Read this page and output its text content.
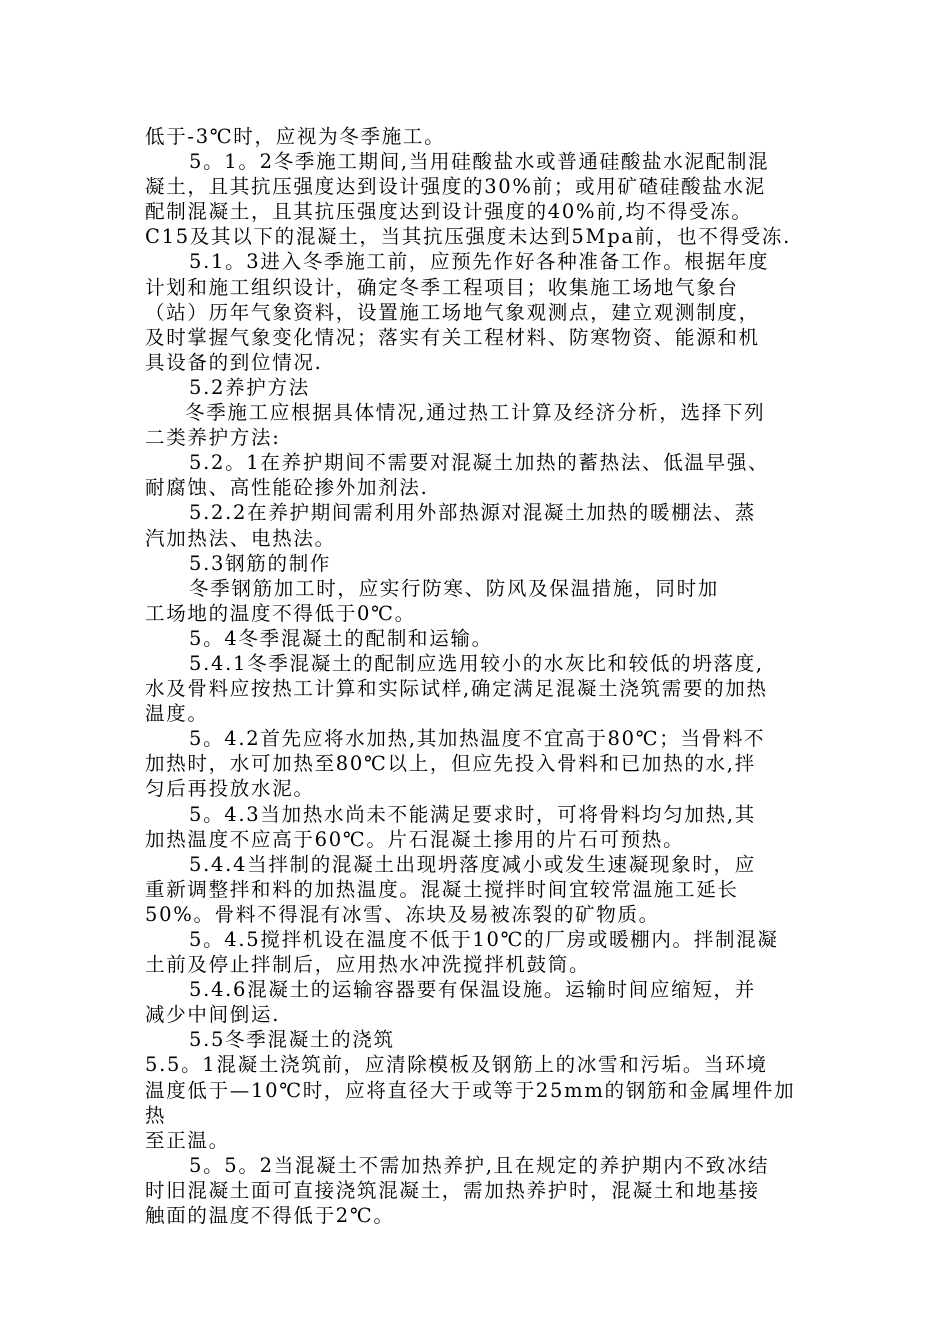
低于-3℃时，应视为冬季施工。
5。1。2冬季施工期间,当用硅酸盐水或普通硅酸盐水泥配制混
凝土，且其抗压强度达到设计强度的30%前；或用矿碴硅酸盐水泥
配制混凝土，且其抗压强度达到设计强度的40%前,均不得受冻。
C15及其以下的混凝土，当其抗压强度未达到5Mpa前，也不得受冻.
5.1。3进入冬季施工前，应预先作好各种准备工作。根据年度
计划和施工组织设计，确定冬季工程项目；收集施工场地气象台
（站）历年气象资料，设置施工场地气象观测点，建立观测制度，
及时掌握气象变化情况；落实有关工程材料、防寒物资、能源和机
具设备的到位情况.
5.2养护方法
冬季施工应根据具体情况,通过热工计算及经济分析，选择下列
二类养护方法:
5.2。1在养护期间不需要对混凝土加热的蓄热法、低温早强、
耐腐蚀、高性能砼掺外加剂法.
5.2.2在养护期间需利用外部热源对混凝土加热的暖棚法、蒸
汽加热法、电热法。
5.3钢筋的制作
冬季钢筋加工时，应实行防寒、防风及保温措施，同时加
工场地的温度不得低于0℃。
5。4冬季混凝土的配制和运输。
5.4.1冬季混凝土的配制应选用较小的水灰比和较低的坍落度,
水及骨料应按热工计算和实际试样,确定满足混凝土浇筑需要的加热
温度。
5。4.2首先应将水加热,其加热温度不宜高于80℃；当骨料不
加热时，水可加热至80℃以上，但应先投入骨料和已加热的水,拌
匀后再投放水泥。
5。4.3当加热水尚未不能满足要求时，可将骨料均匀加热,其
加热温度不应高于60℃。片石混凝土掺用的片石可预热。
5.4.4当拌制的混凝土出现坍落度减小或发生速凝现象时，应
重新调整拌和料的加热温度。混凝土搅拌时间宜较常温施工延长
50%。骨料不得混有冰雪、冻块及易被冻裂的矿物质。
5。4.5搅拌机设在温度不低于10℃的厂房或暖棚内。拌制混凝
土前及停止拌制后，应用热水冲洗搅拌机鼓筒。
5.4.6混凝土的运输容器要有保温设施。运输时间应缩短，并
减少中间倒运.
5.5冬季混凝土的浇筑
5.5。1混凝土浇筑前，应清除模板及钢筋上的冰雪和污垢。当环境
温度低于—10℃时，应将直径大于或等于25mm的钢筋和金属埋件加
热
至正温。
5。5。2当混凝土不需加热养护,且在规定的养护期内不致冰结
时旧混凝土面可直接浇筑混凝土，需加热养护时，混凝土和地基接
触面的温度不得低于2℃。
